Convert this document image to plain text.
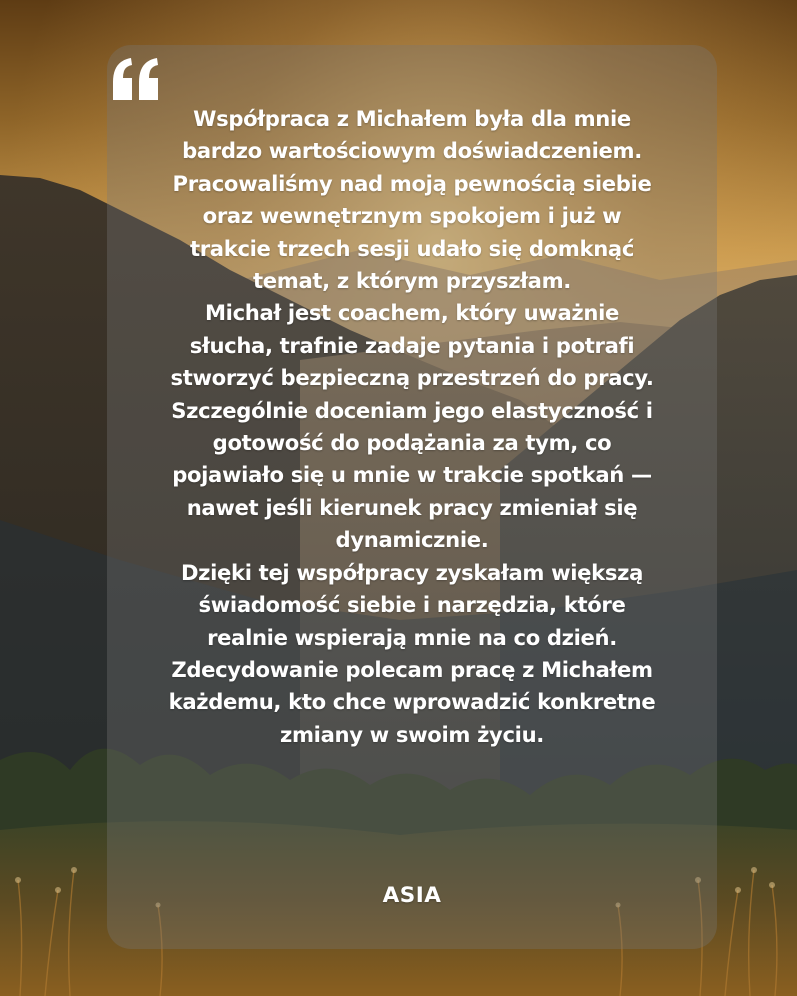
Współpraca z Michałem była dla mnie
bardzo wartościowym doświadczeniem.
Pracowaliśmy nad moją pewnością siebie
oraz wewnętrznym spokojem i już w
trakcie trzech sesji udało się domknąć
temat, z którym przyszłam.
Michał jest coachem, który uważnie
słucha, trafnie zadaje pytania i potrafi
stworzyć bezpieczną przestrzeń do pracy.
Szczególnie doceniam jego elastyczność i
gotowość do podążania za tym, co
pojawiało się u mnie w trakcie spotkań —
nawet jeśli kierunek pracy zmieniał się
dynamicznie.
Dzięki tej współpracy zyskałam większą
świadomość siebie i narzędzia, które
realnie wspierają mnie na co dzień.
Zdecydowanie polecam pracę z Michałem
każdemu, kto chce wprowadzić konkretne
zmiany w swoim życiu.

ASIA
